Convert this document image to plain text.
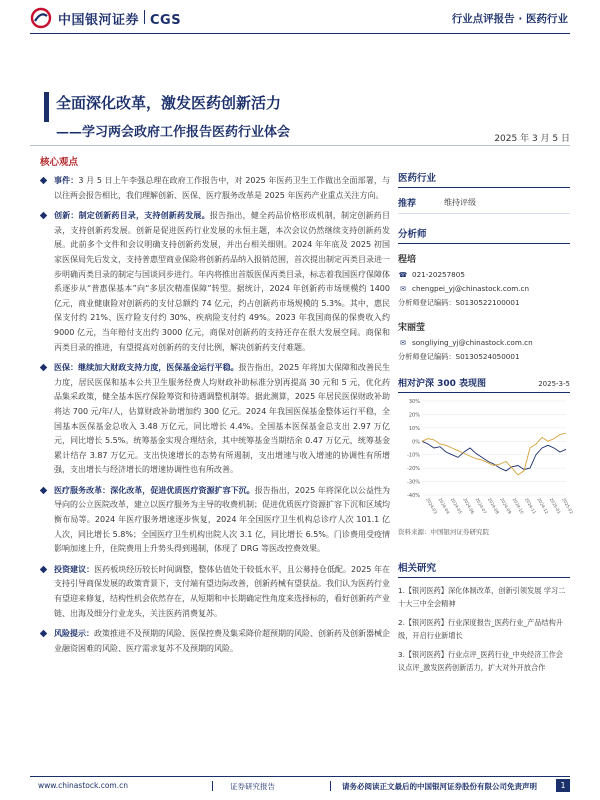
中国银河证券 CGS	行业点评报告 · 医药行业
全面深化改革，激发医药创新活力
——学习两会政府工作报告医药行业体会	2025 年 3 月 5 日
核心观点
事件：3 月 5 日上午李强总理在政府工作报告中，对 2025 年医药卫生工作做出全面部署，与以往两会报告相比，我们理解创新、医保、医疗服务改革是 2025 年医药产业重点关注方向。
创新：制定创新药目录，支持创新药发展。报告指出，健全药品价格形成机制，制定创新药目录，支持创新药发展。创新是促进医药行业发展的永恒主题，本次会议仍然继续支持创新药发展。此前多个文件和会议明确支持创新药发展，并出台相关细则。2024 年年底及 2025 初国家医保局先后发文，支持普惠型商业保险将创新药品纳入报销范围，首次提出制定丙类目录进一步明确丙类目录的制定与国谈同步进行。年内将推出首版医保丙类目录，标志着我国医疗保障体系逐步从“普惠保基本”向“多层次精准保障”转型。据统计，2024 年创新药市场规模约 1400 亿元，商业健康险对创新药的支付总额约 74 亿元，约占创新药市场规模的 5.3%。其中，惠民保支付约 21%、医疗险支付约 30%、疾病险支付约 49%。2023 年我国商保的保费收入约 9000 亿元，当年赔付支出约 3000 亿元，商保对创新药的支持还存在很大发展空间。商保和丙类目录的推进，有望提高对创新药的支付比例，解决创新药支付难题。
医保：继续加大财政支持力度，医保基金运行平稳。报告指出，2025 年将加大保障和改善民生力度，居民医保和基本公共卫生服务经费人均财政补助标准分别再提高 30 元和 5 元，优化药品集采政策，健全基本医疗保险筹资和待遇调整机制等。据此测算，2025 年居民医保财政补助将达 700 元/年/人，估算财政补助增加约 300 亿元。2024 年我国医保基金整体运行平稳，全国基本医保基金总收入 3.48 万亿元，同比增长 4.4%。全国基本医保基金总支出 2.97 万亿元，同比增长 5.5%。统筹基金实现合理结余，其中统筹基金当期结余 0.47 万亿元，统筹基金累计结存 3.87 万亿元。支出快速增长的态势有所遏制，支出增速与收入增速的协调性有所增强，支出增长与经济增长的增速协调性也有所改善。
医疗服务改革：深化改革，促进优质医疗资源扩容下沉。报告指出，2025 年将深化以公益性为导向的公立医院改革，建立以医疗服务为主导的收费机制；促进优质医疗资源扩容下沉和区域均衡布局等。2024 年医疗服务增速逐步恢复，2024 年全国医疗卫生机构总诊疗人次 101.1 亿人次，同比增长 5.8%；全国医疗卫生机构出院人次 3.1 亿，同比增长 6.5%。门诊费用受疫情影响加速上升，住院费用上升势头得到遏制，体现了 DRG 等医改控费效果。
投资建议：医药板块经历较长时间调整，整体估值处于较低水平，且公募持仓低配。2025 年在支持引导商保发展的政策背景下，支付端有望边际改善，创新药械有望获益。我们认为医药行业有望迎来修复，结构性机会依然存在，从短期和中长期确定性角度来选择标的，看好创新药产业链、出海及细分行业龙头，关注医药消费复苏。
风险提示：政策推进不及预期的风险、医保控费及集采降价超预期的风险、创新药及创新器械企业融资困难的风险、医疗需求复苏不及预期的风险。
医药行业
推荐	维持评级
分析师
程培
☎ 021-20257805
✉ chengpei_yj@chinastock.com.cn
分析师登记编码：S0130522100001
宋丽莹
✉ songliying_yj@chinastock.com.cn
分析师登记编码：S0130524050001
相对沪深 300 表现图	2025-3-5
30%
20%
10%
0%
-10%
-20%
-30%
-40%
2024-03 2024-04 2024-05 2024-06 2024-07 2024-08 2024-09 2024-10 2024-11 2024-12 2025-01 2025-02
资料来源：中国银河证券研究院
相关研究
1.【银河医药】深化体制改革，创新引领发展 学习二十大三中全会精神
2.【银河医药】行业深度报告_医药行业_产品结构升级，开启行业新增长
3.【银河医药】行业点评_医药行业_中央经济工作会议点评_激发医药创新活力，扩大对外开放合作
www.chinastock.com.cn	证券研究报告	请务必阅读正文最后的中国银河证券股份有限公司免责声明	1
